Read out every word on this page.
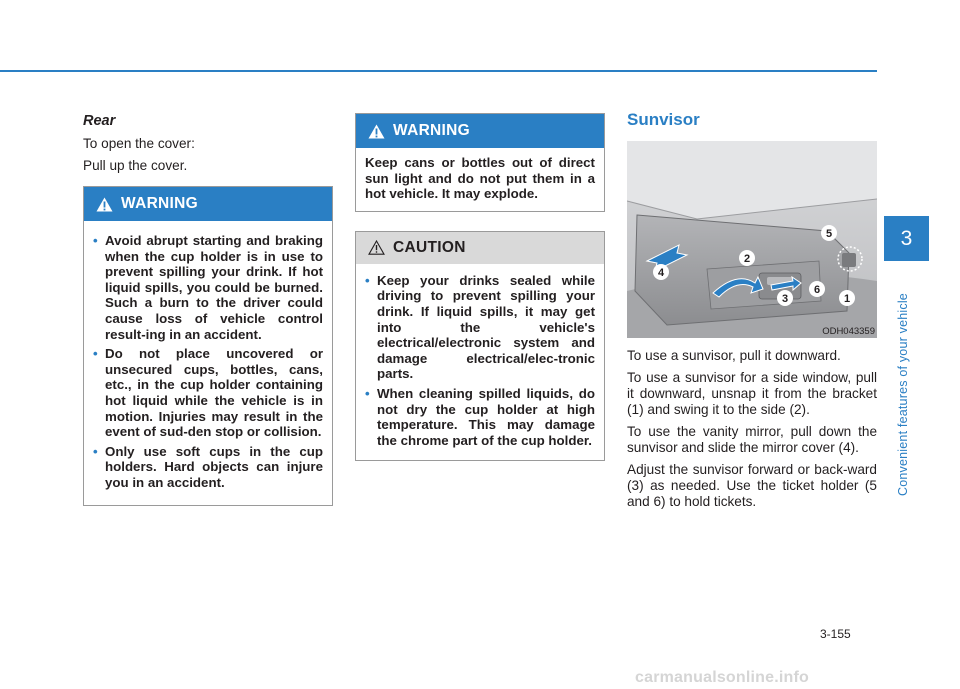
Rear

To open the cover:

Pull up the cover.

WARNING
• Avoid abrupt starting and braking when the cup holder is in use to prevent spilling your drink. If hot liquid spills, you could be burned. Such a burn to the driver could cause loss of vehicle control result-ing in an accident.
• Do not place uncovered or unsecured cups, bottles, cans, etc., in the cup holder containing hot liquid while the vehicle is in motion. Injuries may result in the event of sud-den stop or collision.
• Only use soft cups in the cup holders. Hard objects can injure you in an accident.
WARNING

Keep cans or bottles out of direct sun light and do not put them in a hot vehicle. It may explode.

CAUTION
• Keep your drinks sealed while driving to prevent spilling your drink. If liquid spills, it may get into the vehicle's electrical/electronic system and damage electrical/elec-tronic parts.
• When cleaning spilled liquids, do not dry the cup holder at high temperature. This may damage the chrome part of the cup holder.
Sunvisor
1
2
3
4
5
6
ODH043359

To use a sunvisor, pull it downward.

To use a sunvisor for a side window, pull it downward, unsnap it from the bracket (1) and swing it to the side (2).

To use the vanity mirror, pull down the sunvisor and slide the mirror cover (4).

Adjust the sunvisor forward or back-ward (3) as needed. Use the ticket holder (5 and 6) to hold tickets.

3
Convenient features of your vehicle
3-155
carmanualsonline.info
